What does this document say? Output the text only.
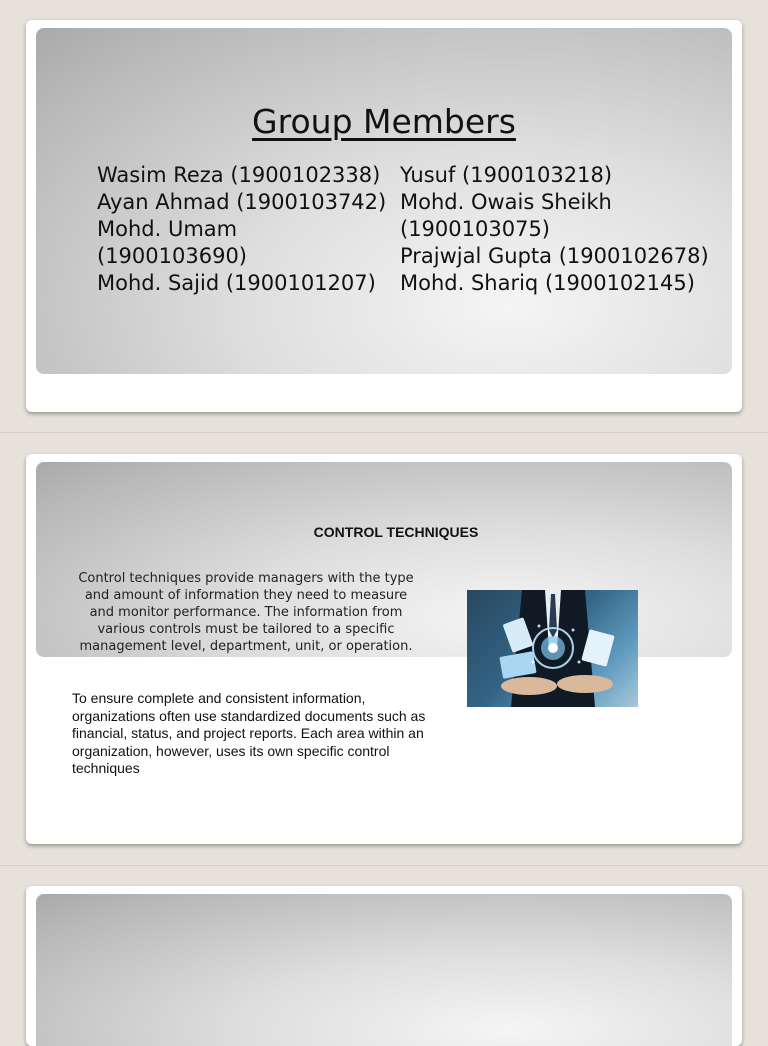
Group Members
Wasim Reza (1900102338)
Ayan Ahmad (1900103742)
Mohd. Umam (1900103690)
Mohd. Sajid (1900101207)
Yusuf (1900103218)
Mohd. Owais Sheikh (1900103075)
Prajwjal Gupta (1900102678)
Mohd. Shariq (1900102145)
CONTROL TECHNIQUES
Control techniques provide managers with the type and amount of information they need to measure and monitor performance. The information from various controls must be tailored to a specific management level, department, unit, or operation.
To ensure complete and consistent information, organizations often use standardized documents such as financial, status, and project reports. Each area within an organization, however, uses its own specific control techniques
